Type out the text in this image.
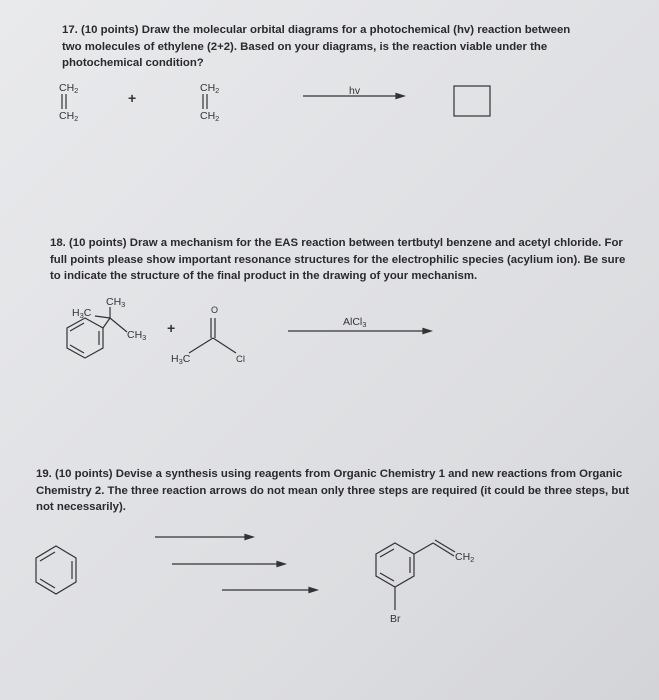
17. (10 points) Draw the molecular orbital diagrams for a photochemical (hv) reaction between two molecules of ethylene (2+2). Based on your diagrams, is the reaction viable under the photochemical condition?
$CH_2$
$CH_2$
+
$CH_2$
$CH_2$
hv
18. (10 points) Draw a mechanism for the EAS reaction between tertbutyl benzene and acetyl chloride. For full points please show important resonance structures for the electrophilic species (acylium ion). Be sure to indicate the structure of the final product in the drawing of your mechanism.
$CH_3$
$H_3C$
$CH_3$
+
O
$H_3C$	Cl
AlCl$_3$
19. (10 points) Devise a synthesis using reagents from Organic Chemistry 1 and new reactions from Organic Chemistry 2. The three reaction arrows do not mean only three steps are required (it could be three steps, but not necessarily).
$CH_2$
Br
